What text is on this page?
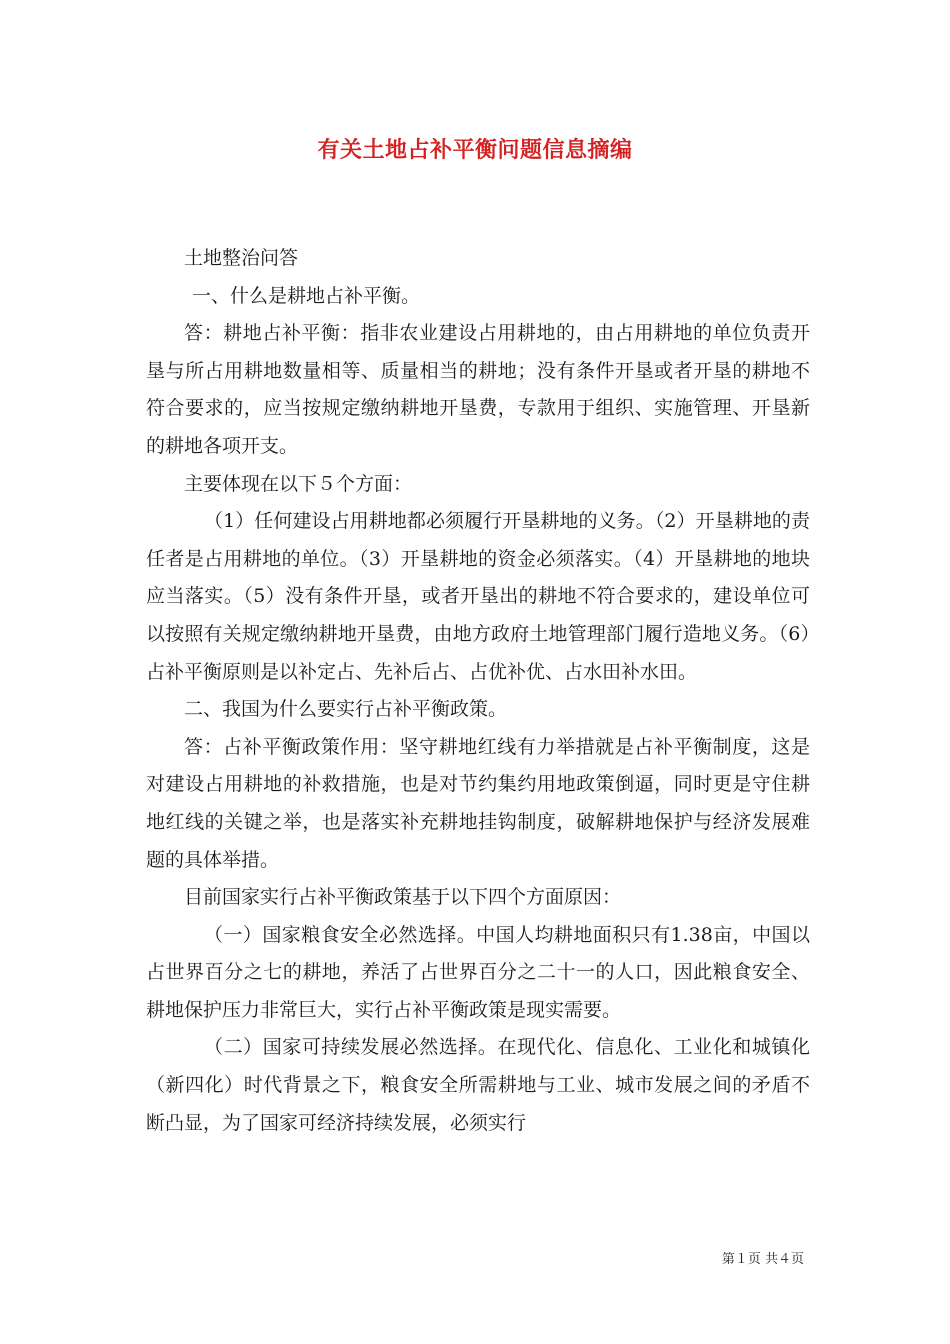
有关土地占补平衡问题信息摘编

土地整治问答

一、什么是耕地占补平衡。

答：耕地占补平衡：指非农业建设占用耕地的，由占用耕地的单位负责开垦与所占用耕地数量相等、质量相当的耕地；没有条件开垦或者开垦的耕地不符合要求的，应当按规定缴纳耕地开垦费，专款用于组织、实施管理、开垦新的耕地各项开支。

主要体现在以下５个方面：

（1）任何建设占用耕地都必须履行开垦耕地的义务。（2）开垦耕地的责任者是占用耕地的单位。（3）开垦耕地的资金必须落实。（4）开垦耕地的地块应当落实。（5）没有条件开垦，或者开垦出的耕地不符合要求的，建设单位可以按照有关规定缴纳耕地开垦费，由地方政府土地管理部门履行造地义务。（6）占补平衡原则是以补定占、先补后占、占优补优、占水田补水田。

二、我国为什么要实行占补平衡政策。

答：占补平衡政策作用：坚守耕地红线有力举措就是占补平衡制度，这是对建设占用耕地的补救措施，也是对节约集约用地政策倒逼，同时更是守住耕地红线的关键之举，也是落实补充耕地挂钩制度，破解耕地保护与经济发展难题的具体举措。

目前国家实行占补平衡政策基于以下四个方面原因：

（一）国家粮食安全必然选择。中国人均耕地面积只有1.38亩，中国以占世界百分之七的耕地，养活了占世界百分之二十一的人口，因此粮食安全、耕地保护压力非常巨大，实行占补平衡政策是现实需要。

（二）国家可持续发展必然选择。在现代化、信息化、工业化和城镇化（新四化）时代背景之下，粮食安全所需耕地与工业、城市发展之间的矛盾不断凸显，为了国家可经济持续发展，必须实行

第１页 共４页
